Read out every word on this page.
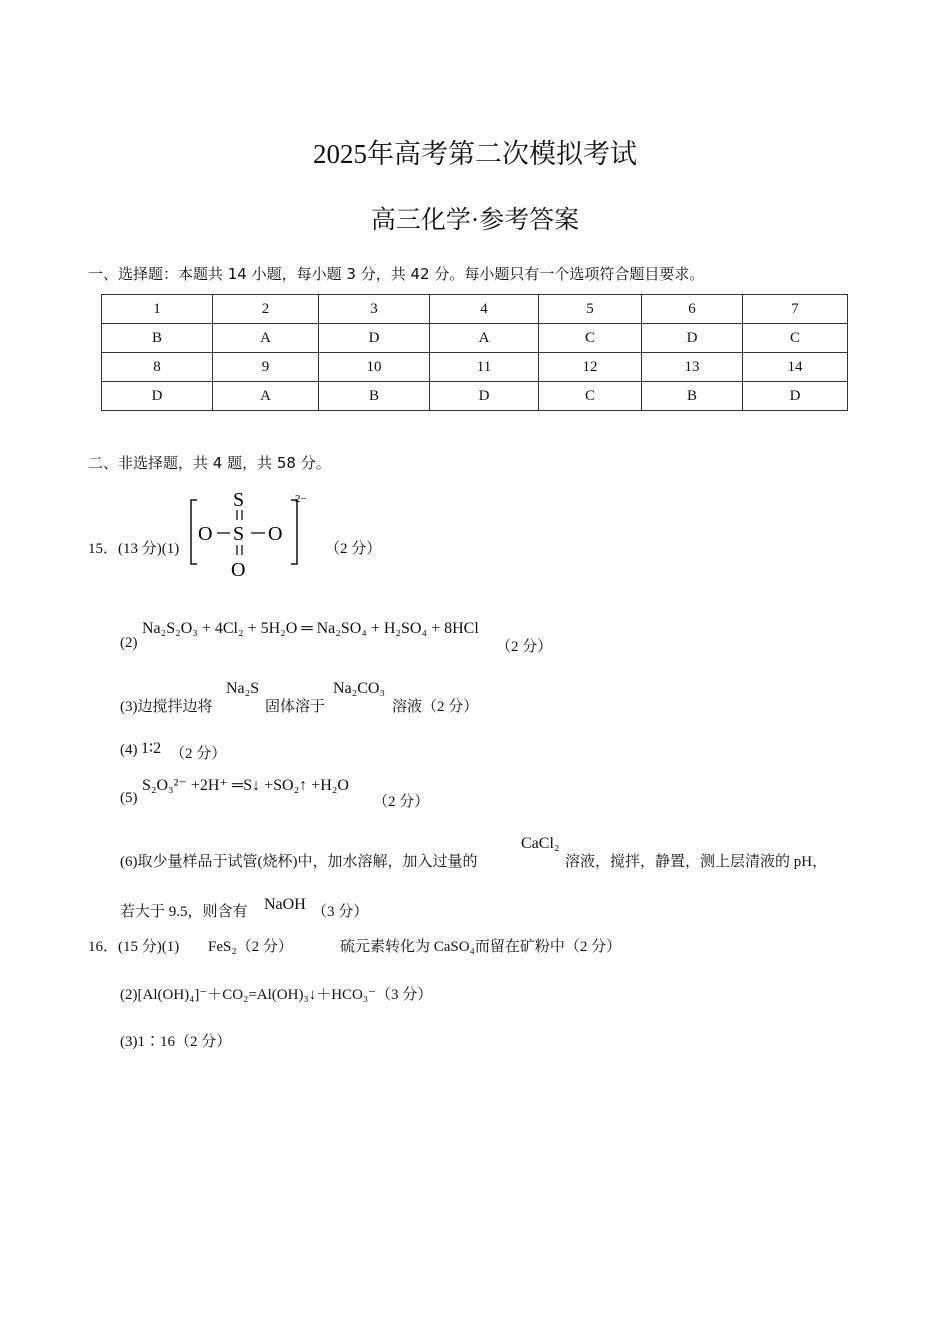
2025年高考第二次模拟考试
高三化学·参考答案
一、选择题：本题共 14 小题，每小题 3 分，共 42 分。每小题只有一个选项符合题目要求。
1	2	3	4	5	6	7
B	A	D	A	C	D	C
8	9	10	11	12	13	14
D	A	B	D	C	B	D
二、非选择题，共 4 题，共 58 分。
15．(13 分)(1)
S
S
O
O	O
2−
（2 分）
(2)
Na₂S₂O₃ + 4Cl₂ + 5H₂O ═ Na₂SO₄ + H₂SO₄ + 8HCl
（2 分）
(3)边搅拌边将
Na₂S
固体溶于
Na₂CO₃
溶液（2 分）
(4) 1∶2 （2 分）
(5)
S₂O₃²⁻ +2H⁺ ═S↓ +SO₂↑ +H₂O
（2 分）
(6)取少量样品于试管(烧杯)中，加水溶解，加入过量的
CaCl₂
溶液，搅拌，静置，测上层清液的 pH，
若大于 9.5，则含有 NaOH （3 分）
16．(15 分)(1) FeS₂（2 分）	硫元素转化为 CaSO₄而留在矿粉中（2 分）
(2)[Al(OH)₄]⁻＋CO₂=Al(OH)₃↓＋HCO₃⁻（3 分）
(3)1∶16（2 分）
